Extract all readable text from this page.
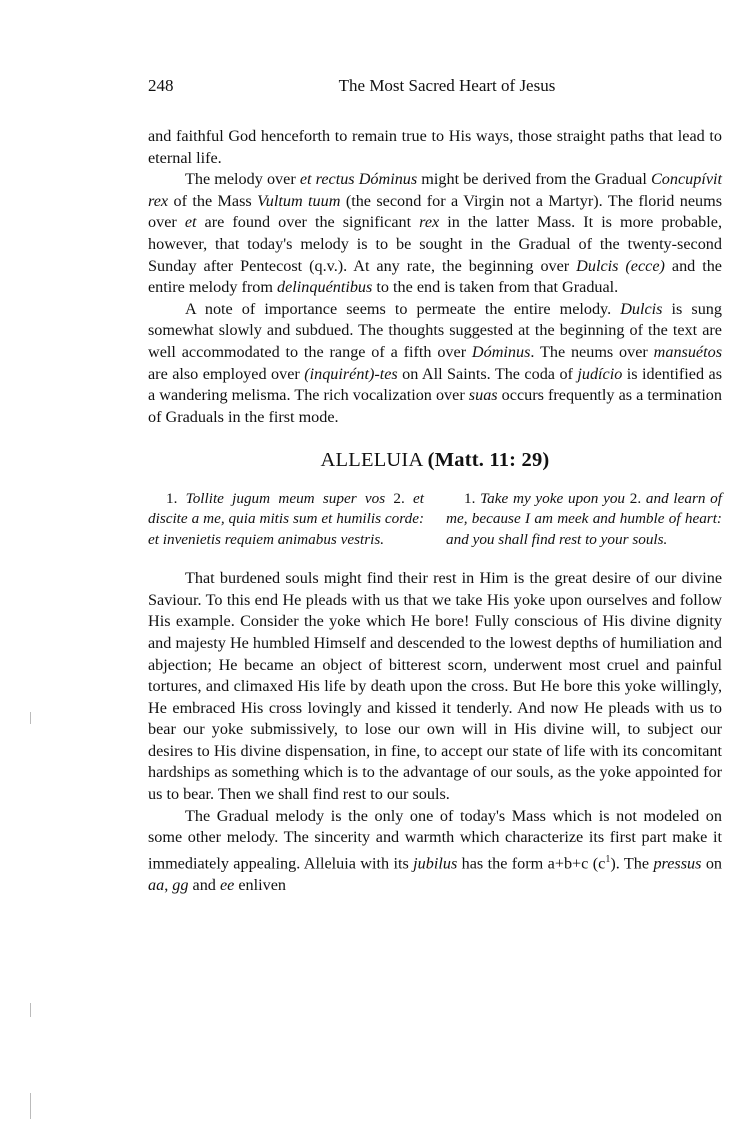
248	The Most Sacred Heart of Jesus

and faithful God henceforth to remain true to His ways, those straight paths that lead to eternal life.

The melody over et rectus Dóminus might be derived from the Gradual Concupívit rex of the Mass Vultum tuum (the second for a Virgin not a Martyr). The florid neums over et are found over the significant rex in the latter Mass. It is more probable, however, that today's melody is to be sought in the Gradual of the twenty-second Sunday after Pentecost (q.v.). At any rate, the beginning over Dulcis (ecce) and the entire melody from delinquéntibus to the end is taken from that Gradual.

A note of importance seems to permeate the entire melody. Dulcis is sung somewhat slowly and subdued. The thoughts suggested at the beginning of the text are well accommodated to the range of a fifth over Dóminus. The neums over mansuétos are also employed over (inquirént)-tes on All Saints. The coda of judício is identified as a wandering melisma. The rich vocalization over suas occurs frequently as a termination of Graduals in the first mode.

ALLELUIA (Matt. 11: 29)

1. Tollite jugum meum super vos 2. et discite a me, quia mitis sum et humilis corde: et invenietis requiem animabus vestris.

1. Take my yoke upon you 2. and learn of me, because I am meek and humble of heart: and you shall find rest to your souls.

That burdened souls might find their rest in Him is the great desire of our divine Saviour. To this end He pleads with us that we take His yoke upon ourselves and follow His example. Consider the yoke which He bore! Fully conscious of His divine dignity and majesty He humbled Himself and descended to the lowest depths of humiliation and abjection; He became an object of bitterest scorn, underwent most cruel and painful tortures, and climaxed His life by death upon the cross. But He bore this yoke willingly, He embraced His cross lovingly and kissed it tenderly. And now He pleads with us to bear our yoke submissively, to lose our own will in His divine will, to subject our desires to His divine dispensation, in fine, to accept our state of life with its concomitant hardships as something which is to the advantage of our souls, as the yoke appointed for us to bear. Then we shall find rest to our souls.

The Gradual melody is the only one of today's Mass which is not modeled on some other melody. The sincerity and warmth which characterize its first part make it immediately appealing. Alleluia with its jubilus has the form a+b+c $(c^1)$. The pressus on aa, gg and ee enliven
